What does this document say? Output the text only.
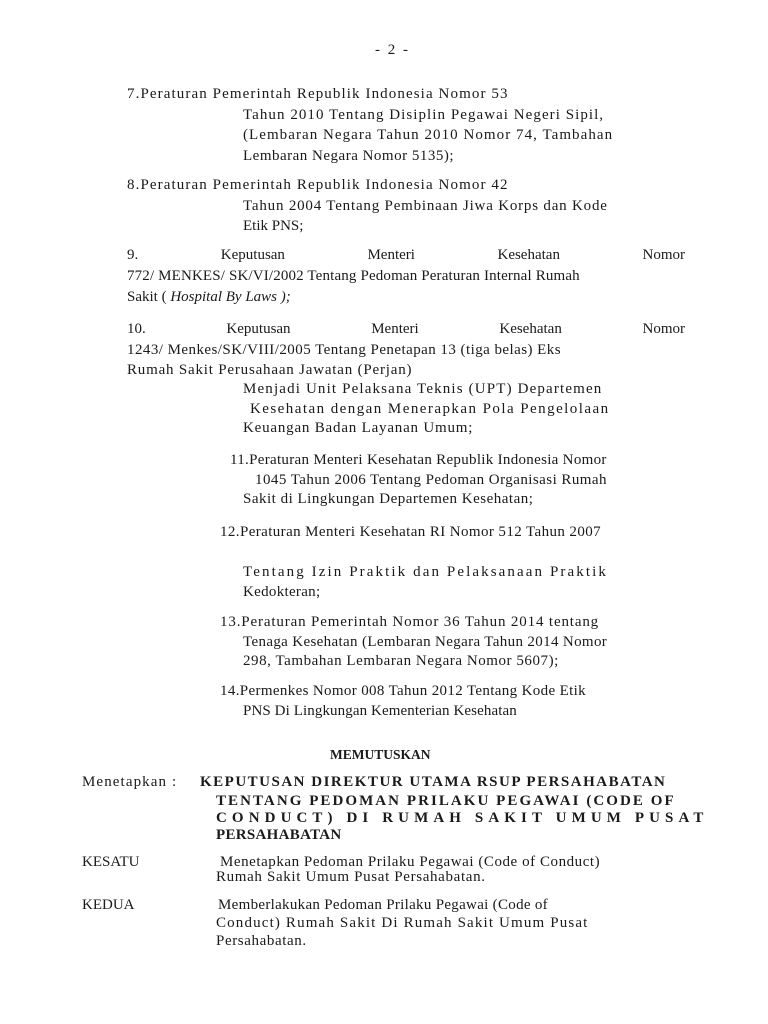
- 2 -
7.Peraturan Pemerintah Republik Indonesia Nomor 53
Tahun 2010 Tentang Disiplin Pegawai Negeri Sipil,
(Lembaran Negara Tahun 2010 Nomor 74, Tambahan
Lembaran Negara Nomor 5135);
8.Peraturan Pemerintah Republik Indonesia Nomor 42
Tahun 2004 Tentang Pembinaan Jiwa Korps dan Kode
Etik PNS;
9.	Keputusan	Menteri	Kesehatan	Nomor
772/ MENKES/ SK/VI/2002 Tentang Pedoman Peraturan Internal Rumah
Sakit ( Hospital By Laws );
10.	Keputusan	Menteri	Kesehatan	Nomor
1243/ Menkes/SK/VIII/2005 Tentang Penetapan 13 (tiga belas) Eks
Rumah Sakit Perusahaan Jawatan (Perjan)
Menjadi Unit Pelaksana Teknis (UPT) Departemen
Kesehatan dengan Menerapkan Pola Pengelolaan
Keuangan Badan Layanan Umum;
11.Peraturan Menteri Kesehatan Republik Indonesia Nomor
1045 Tahun 2006 Tentang Pedoman Organisasi Rumah
Sakit di Lingkungan Departemen Kesehatan;
12.Peraturan Menteri Kesehatan RI Nomor 512 Tahun 2007
Tentang Izin Praktik dan Pelaksanaan Praktik
Kedokteran;
13.Peraturan Pemerintah Nomor 36 Tahun 2014 tentang
Tenaga Kesehatan (Lembaran Negara Tahun 2014 Nomor
298, Tambahan Lembaran Negara Nomor 5607);
14.Permenkes Nomor 008 Tahun 2012 Tentang Kode Etik
PNS Di Lingkungan Kementerian Kesehatan
MEMUTUSKAN
Menetapkan : KEPUTUSAN DIREKTUR UTAMA RSUP PERSAHABATAN
TENTANG PEDOMAN PRILAKU PEGAWAI (CODE OF
CONDUCT) DI RUMAH SAKIT UMUM PUSAT
PERSAHABATAN
KESATU	Menetapkan Pedoman Prilaku Pegawai (Code of Conduct)
Rumah Sakit Umum Pusat Persahabatan.
KEDUA	Memberlakukan Pedoman Prilaku Pegawai (Code of
Conduct) Rumah Sakit Di Rumah Sakit Umum Pusat
Persahabatan.
